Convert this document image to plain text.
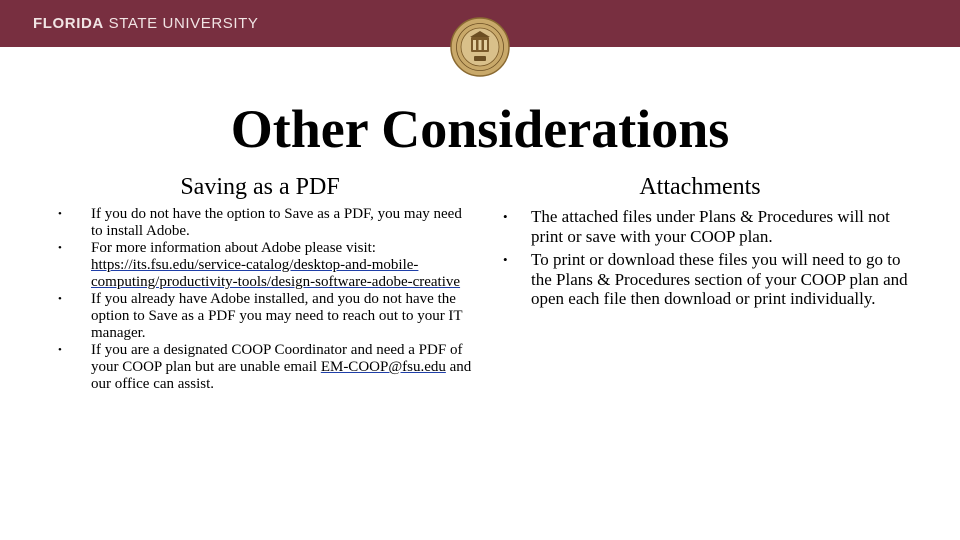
FLORIDA STATE UNIVERSITY
Other Considerations
Saving as a PDF	Attachments
• If you do not have the option to Save as a PDF, you may need to install Adobe.
• For more information about Adobe please visit: https://its.fsu.edu/service-catalog/desktop-and-mobile-computing/productivity-tools/design-software-adobe-creative
• If you already have Adobe installed, and you do not have the option to Save as a PDF you may need to reach out to your IT manager.
• If you are a designated COOP Coordinator and need a PDF of your COOP plan but are unable email EM-COOP@fsu.edu and our office can assist.
• The attached files under Plans & Procedures will not print or save with your COOP plan.
• To print or download these files you will need to go to the Plans & Procedures section of your COOP plan and open each file then download or print individually.
